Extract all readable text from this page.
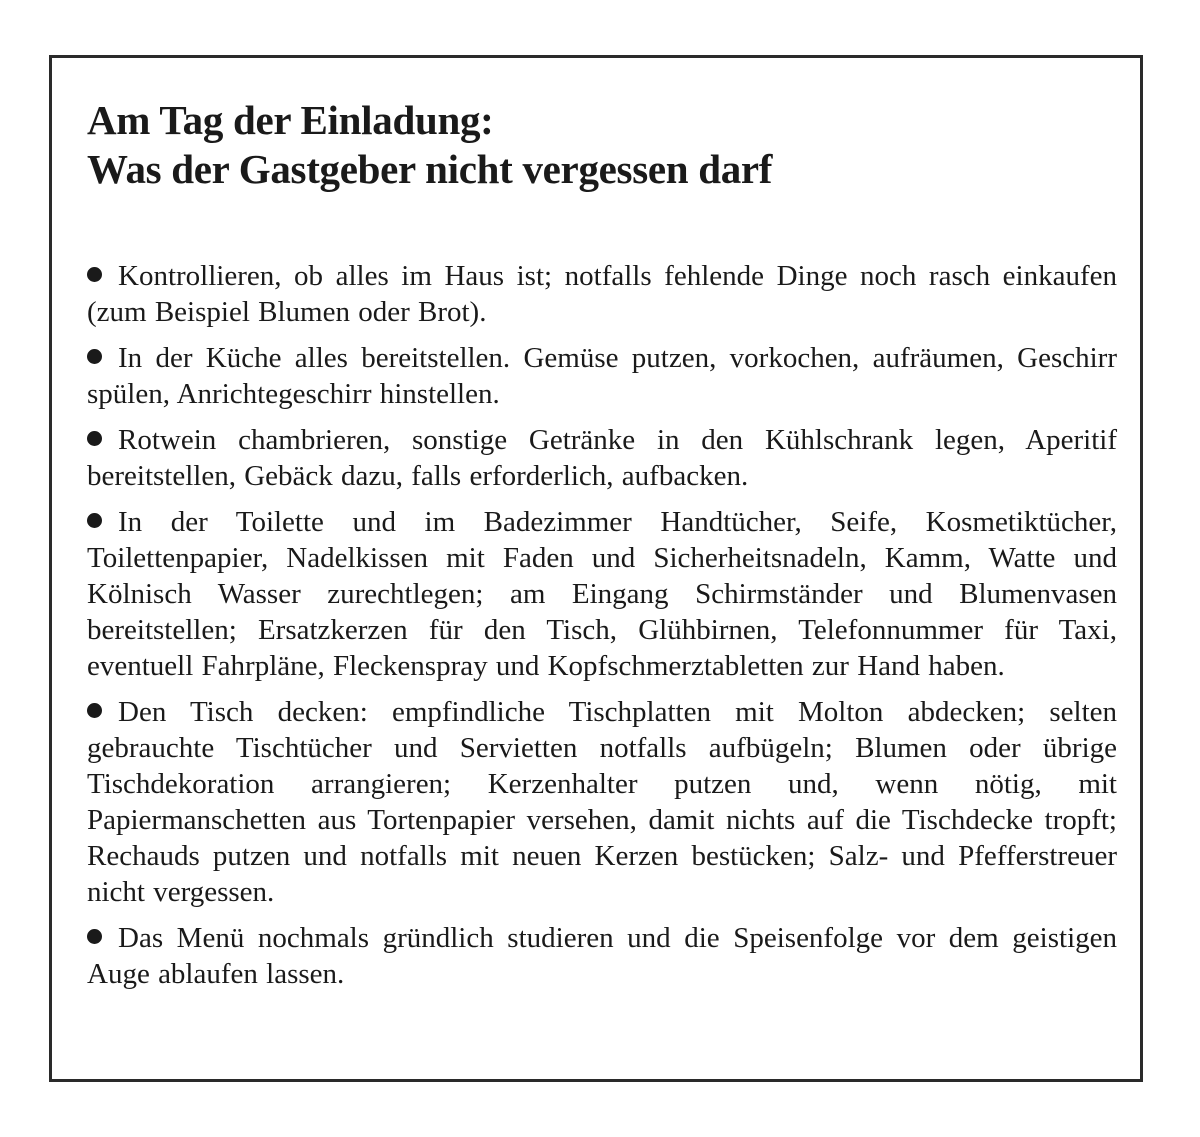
Am Tag der Einladung:
Was der Gastgeber nicht vergessen darf
Kontrollieren, ob alles im Haus ist; notfalls fehlende Dinge noch rasch einkaufen (zum Beispiel Blumen oder Brot).
In der Küche alles bereitstellen. Gemüse putzen, vorkochen, aufräumen, Geschirr spülen, Anrichtegeschirr hinstellen.
Rotwein chambrieren, sonstige Getränke in den Kühlschrank legen, Aperitif bereitstellen, Gebäck dazu, falls erforderlich, aufbacken.
In der Toilette und im Badezimmer Handtücher, Seife, Kosmetiktücher, Toilettenpapier, Nadelkissen mit Faden und Sicherheitsnadeln, Kamm, Watte und Kölnisch Wasser zurechtlegen; am Eingang Schirmständer und Blumenvasen bereitstellen; Ersatzkerzen für den Tisch, Glühbirnen, Telefonnummer für Taxi, eventuell Fahrpläne, Fleckenspray und Kopfschmerztabletten zur Hand haben.
Den Tisch decken: empfindliche Tischplatten mit Molton abdecken; selten gebrauchte Tischtücher und Servietten notfalls aufbügeln; Blumen oder übrige Tischdekoration arrangieren; Kerzenhalter putzen und, wenn nötig, mit Papiermanschetten aus Tortenpapier versehen, damit nichts auf die Tischdecke tropft; Rechauds putzen und notfalls mit neuen Kerzen bestücken; Salz- und Pfefferstreuer nicht vergessen.
Das Menü nochmals gründlich studieren und die Speisenfolge vor dem geistigen Auge ablaufen lassen.
